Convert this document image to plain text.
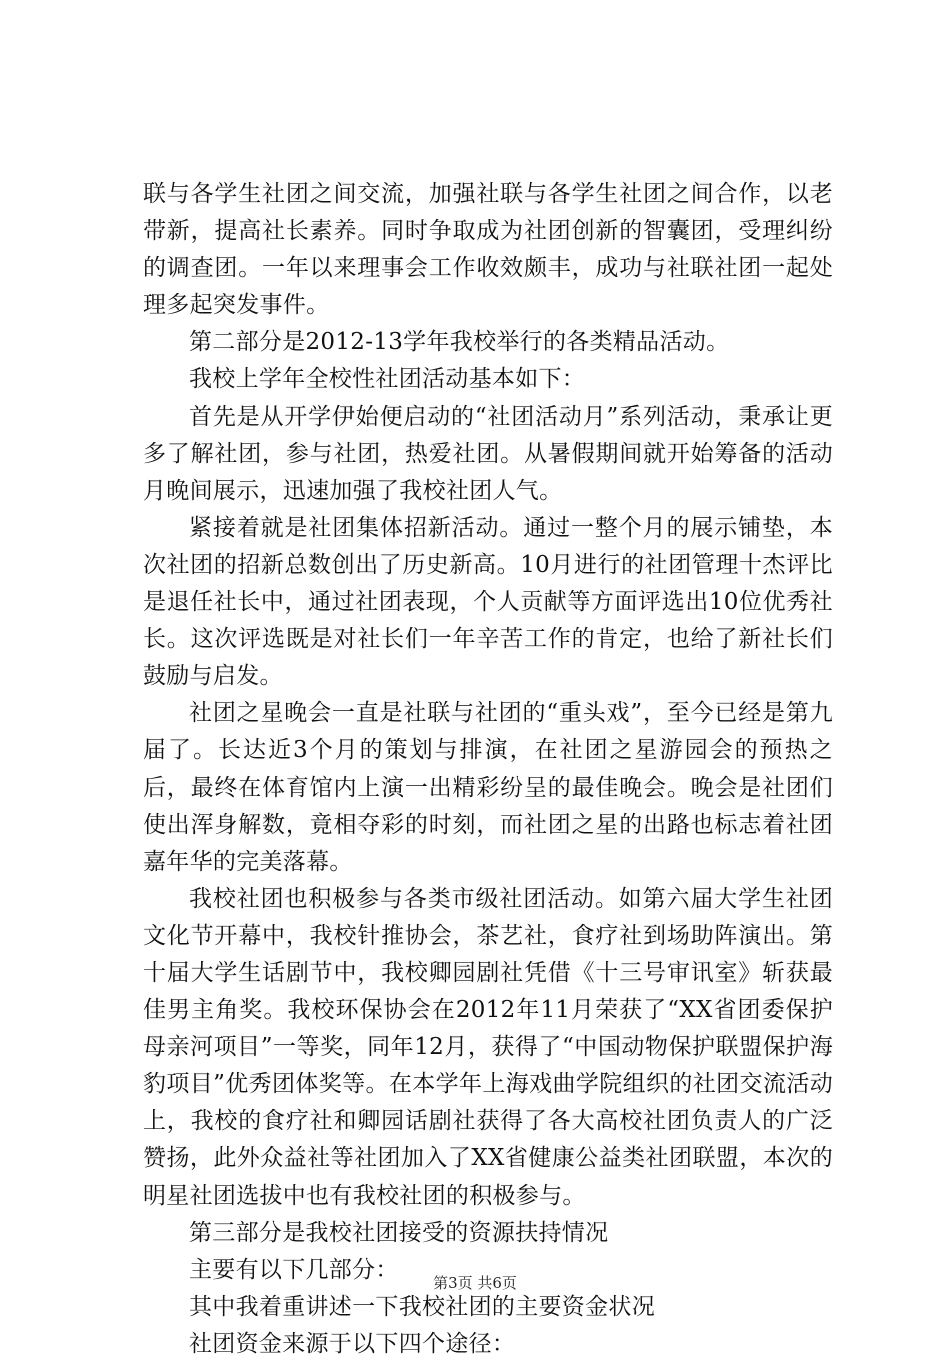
联与各学生社团之间交流，加强社联与各学生社团之间合作，以老带新，提高社长素养。同时争取成为社团创新的智囊团，受理纠纷的调查团。一年以来理事会工作收效颇丰，成功与社联社团一起处理多起突发事件。

第二部分是2012-13学年我校举行的各类精品活动。

我校上学年全校性社团活动基本如下：

首先是从开学伊始便启动的“社团活动月”系列活动，秉承让更多了解社团，参与社团，热爱社团。从暑假期间就开始筹备的活动月晚间展示，迅速加强了我校社团人气。

紧接着就是社团集体招新活动。通过一整个月的展示铺垫，本次社团的招新总数创出了历史新高。10月进行的社团管理十杰评比是退任社长中，通过社团表现，个人贡献等方面评选出10位优秀社长。这次评选既是对社长们一年辛苦工作的肯定，也给了新社长们鼓励与启发。

社团之星晚会一直是社联与社团的“重头戏”，至今已经是第九届了。长达近3个月的策划与排演，在社团之星游园会的预热之后，最终在体育馆内上演一出精彩纷呈的最佳晚会。晚会是社团们使出浑身解数，竟相夺彩的时刻，而社团之星的出路也标志着社团嘉年华的完美落幕。

我校社团也积极参与各类市级社团活动。如第六届大学生社团文化节开幕中，我校针推协会，茶艺社，食疗社到场助阵演出。第十届大学生话剧节中，我校卿园剧社凭借《十三号审讯室》斩获最佳男主角奖。我校环保协会在2012年11月荣获了“XX省团委保护母亲河项目”一等奖，同年12月，获得了“中国动物保护联盟保护海豹项目”优秀团体奖等。在本学年上海戏曲学院组织的社团交流活动上，我校的食疗社和卿园话剧社获得了各大高校社团负责人的广泛赞扬，此外众益社等社团加入了XX省健康公益类社团联盟，本次的明星社团选拔中也有我校社团的积极参与。

第三部分是我校社团接受的资源扶持情况

主要有以下几部分：

其中我着重讲述一下我校社团的主要资金状况

社团资金来源于以下四个途径：

第3页 共6页
